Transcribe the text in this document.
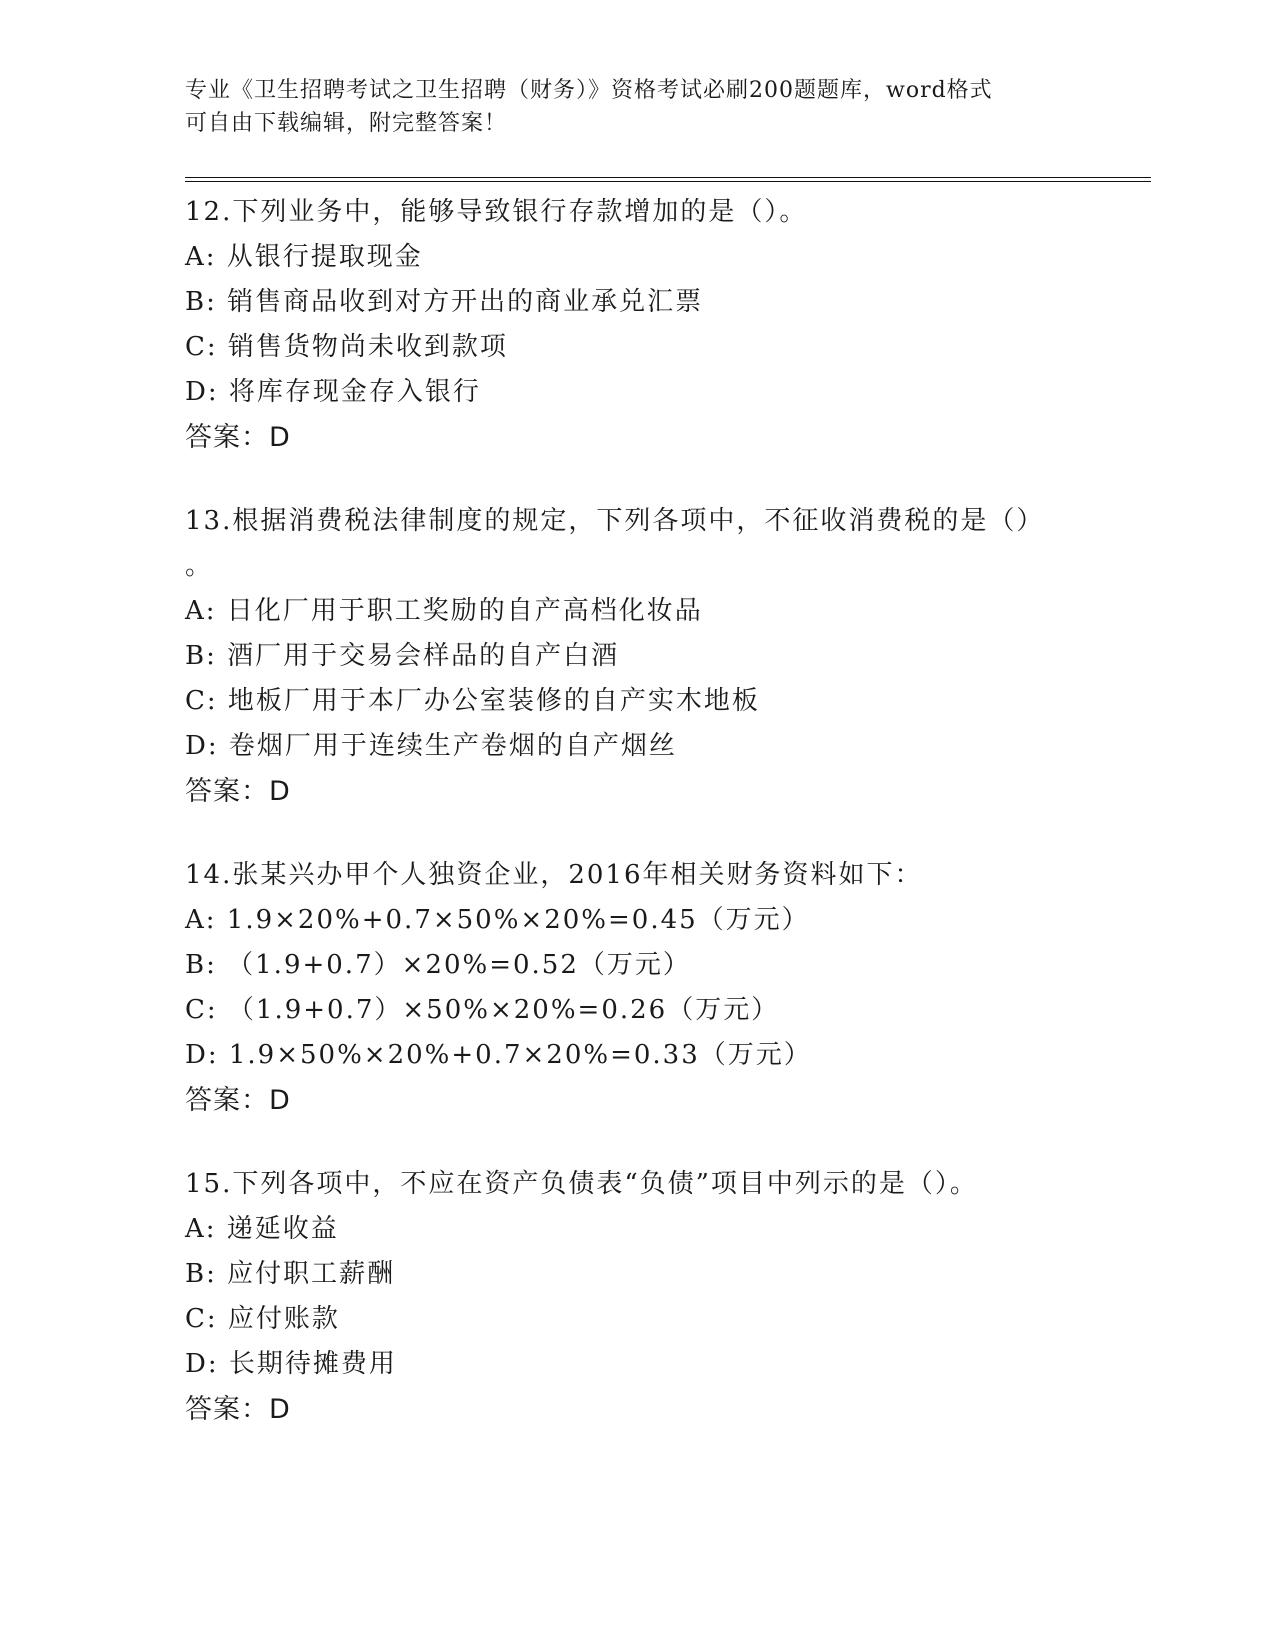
专业《卫生招聘考试之卫生招聘（财务）》资格考试必刷200题题库，word格式
可自由下载编辑，附完整答案！
12.下列业务中，能够导致银行存款增加的是（）。
A: 从银行提取现金
B: 销售商品收到对方开出的商业承兑汇票
C: 销售货物尚未收到款项
D: 将库存现金存入银行
答案：D
13.根据消费税法律制度的规定，下列各项中，不征收消费税的是（）
。
A: 日化厂用于职工奖励的自产高档化妆品
B: 酒厂用于交易会样品的自产白酒
C: 地板厂用于本厂办公室装修的自产实木地板
D: 卷烟厂用于连续生产卷烟的自产烟丝
答案：D
14.张某兴办甲个人独资企业，2016年相关财务资料如下：
A: 1.9×20%+0.7×50%×20%=0.45（万元）
B: （1.9+0.7）×20%=0.52（万元）
C: （1.9+0.7）×50%×20%=0.26（万元）
D: 1.9×50%×20%+0.7×20%=0.33（万元）
答案：D
15.下列各项中，不应在资产负债表“负债”项目中列示的是（）。
A: 递延收益
B: 应付职工薪酬
C: 应付账款
D: 长期待摊费用
答案：D
